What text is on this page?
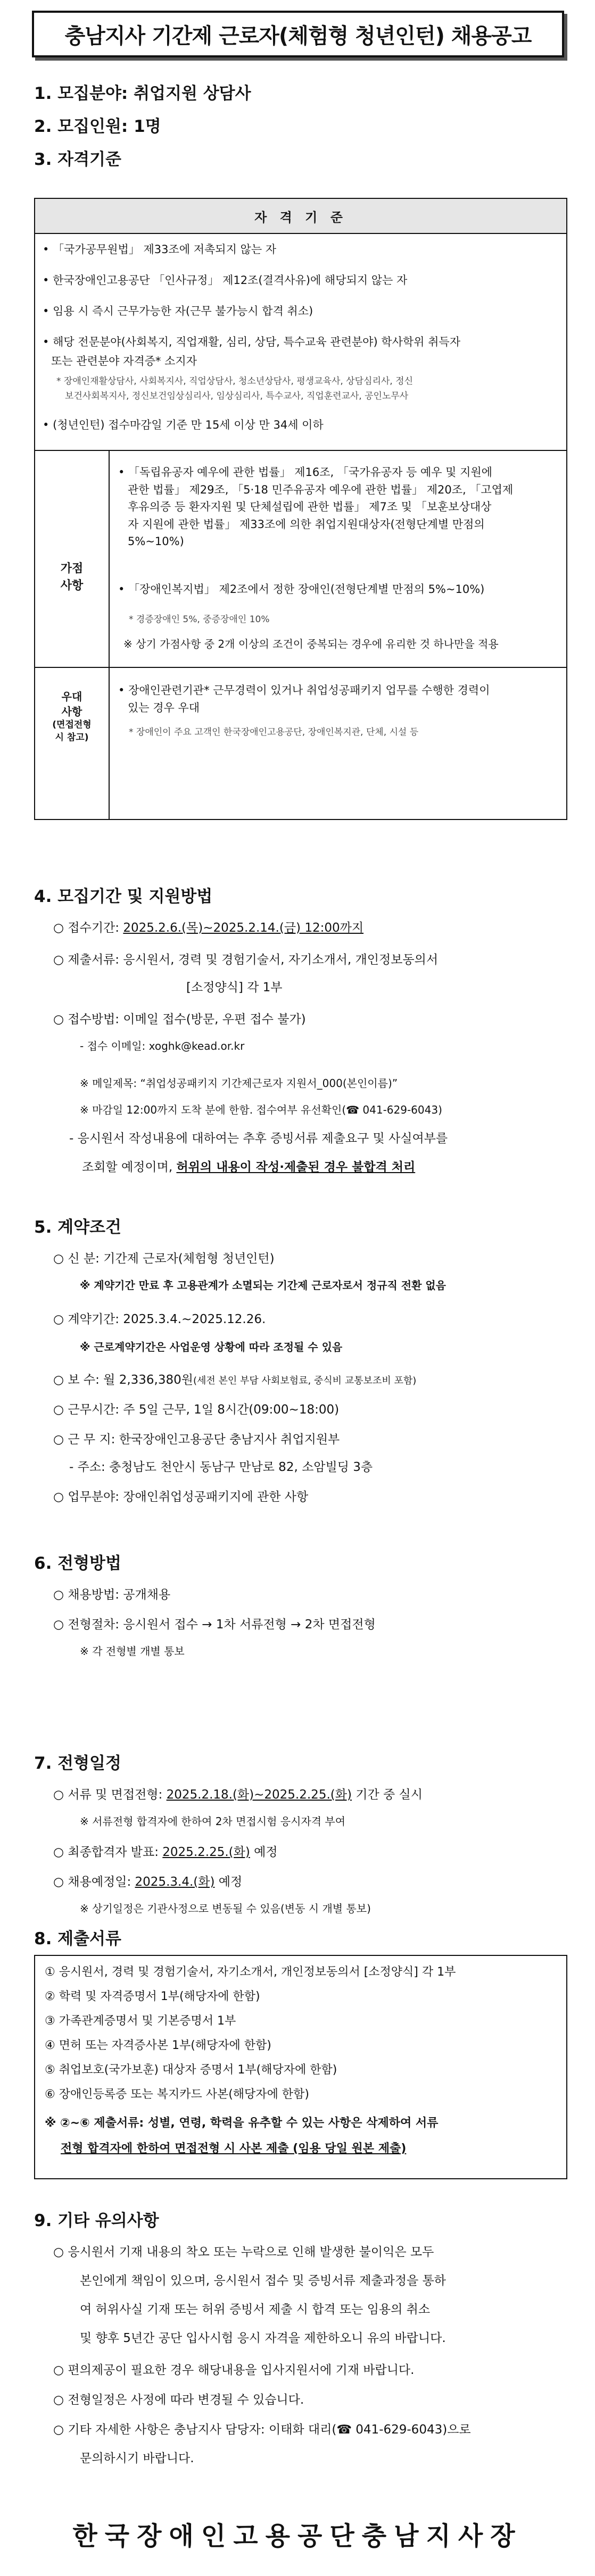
충남지사 기간제 근로자(체험형 청년인턴) 채용공고
1. 모집분야: 취업지원 상담사
2. 모집인원: 1명
3. 자격기준
자 격 기 준
• 「국가공무원법」 제33조에 저촉되지 않는 자
• 한국장애인고용공단 「인사규정」 제12조(결격사유)에 해당되지 않는 자
• 임용 시 즉시 근무가능한 자(근무 불가능시 합격 취소)
• 해당 전문분야(사회복지, 직업재활, 심리, 상담, 특수교육 관련분야) 학사학위 취득자
또는 관련분야 자격증* 소지자
* 장애인재활상담사, 사회복지사, 직업상담사, 청소년상담사, 평생교육사, 상담심리사, 정신
보건사회복지사, 정신보건임상심리사, 임상심리사, 특수교사, 직업훈련교사, 공인노무사
• (청년인턴) 접수마감일 기준 만 15세 이상 만 34세 이하
가점
사항
• 「독립유공자 예우에 관한 법률」 제16조, 「국가유공자 등 예우 및 지원에
관한 법률」 제29조, 「5·18 민주유공자 예우에 관한 법률」 제20조, 「고엽제
후유의증 등 환자지원 및 단체설립에 관한 법률」 제7조 및 「보훈보상대상
자 지원에 관한 법률」 제33조에 의한 취업지원대상자(전형단계별 만점의
5%~10%)
• 「장애인복지법」 제2조에서 정한 장애인(전형단계별 만점의 5%~10%)
* 경증장애인 5%, 중증장애인 10%
※ 상기 가점사항 중 2개 이상의 조건이 중복되는 경우에 유리한 것 하나만을 적용
우대
사항
(면접전형
시 참고)
• 장애인관련기관* 근무경력이 있거나 취업성공패키지 업무를 수행한 경력이
있는 경우 우대
* 장애인이 주요 고객인 한국장애인고용공단, 장애인복지관, 단체, 시설 등
4. 모집기간 및 지원방법
○ 접수기간: 2025.2.6.(목)~2025.2.14.(금) 12:00까지
○ 제출서류: 응시원서, 경력 및 경험기술서, 자기소개서, 개인정보동의서
[소정양식] 각 1부
○ 접수방법: 이메일 접수(방문, 우편 접수 불가)
- 접수 이메일: xoghk@kead.or.kr
※ 메일제목: “취업성공패키지 기간제근로자 지원서_000(본인이름)”
※ 마감일 12:00까지 도착 분에 한함. 접수여부 유선확인(☎ 041-629-6043)
- 응시원서 작성내용에 대하여는 추후 증빙서류 제출요구 및 사실여부를
조회할 예정이며, 허위의 내용이 작성·제출된 경우 불합격 처리
5. 계약조건
○ 신 분: 기간제 근로자(체험형 청년인턴)
※ 계약기간 만료 후 고용관계가 소멸되는 기간제 근로자로서 정규직 전환 없음
○ 계약기간: 2025.3.4.~2025.12.26.
※ 근로계약기간은 사업운영 상황에 따라 조정될 수 있음
○ 보 수: 월 2,336,380원(세전 본인 부담 사회보험료, 중식비 교통보조비 포함)
○ 근무시간: 주 5일 근무, 1일 8시간(09:00~18:00)
○ 근 무 지: 한국장애인고용공단 충남지사 취업지원부
- 주소: 충청남도 천안시 동남구 만남로 82, 소암빌딩 3층
○ 업무분야: 장애인취업성공패키지에 관한 사항
6. 전형방법
○ 채용방법: 공개채용
○ 전형절차: 응시원서 접수 → 1차 서류전형 → 2차 면접전형
※ 각 전형별 개별 통보
7. 전형일정
○ 서류 및 면접전형: 2025.2.18.(화)~2025.2.25.(화) 기간 중 실시
※ 서류전형 합격자에 한하여 2차 면접시험 응시자격 부여
○ 최종합격자 발표: 2025.2.25.(화) 예정
○ 채용예정일: 2025.3.4.(화) 예정
※ 상기일정은 기관사정으로 변동될 수 있음(변동 시 개별 통보)
8. 제출서류
① 응시원서, 경력 및 경험기술서, 자기소개서, 개인정보동의서 [소정양식] 각 1부
② 학력 및 자격증명서 1부(해당자에 한함)
③ 가족관계증명서 및 기본증명서 1부
④ 면허 또는 자격증사본 1부(해당자에 한함)
⑤ 취업보호(국가보훈) 대상자 증명서 1부(해당자에 한함)
⑥ 장애인등록증 또는 복지카드 사본(해당자에 한함)
※ ②~⑥ 제출서류: 성별, 연령, 학력을 유추할 수 있는 사항은 삭제하여 서류
전형 합격자에 한하여 면접전형 시 사본 제출 (임용 당일 원본 제출)
9. 기타 유의사항
○ 응시원서 기재 내용의 착오 또는 누락으로 인해 발생한 불이익은 모두
본인에게 책임이 있으며, 응시원서 접수 및 증빙서류 제출과정을 통하
여 허위사실 기재 또는 허위 증빙서 제출 시 합격 또는 임용의 취소
및 향후 5년간 공단 입사시험 응시 자격을 제한하오니 유의 바랍니다.
○ 편의제공이 필요한 경우 해당내용을 입사지원서에 기재 바랍니다.
○ 전형일정은 사정에 따라 변경될 수 있습니다.
○ 기타 자세한 사항은 충남지사 담당자: 이태화 대리(☎ 041-629-6043)으로
문의하시기 바랍니다.
한국장애인고용공단충남지사장
